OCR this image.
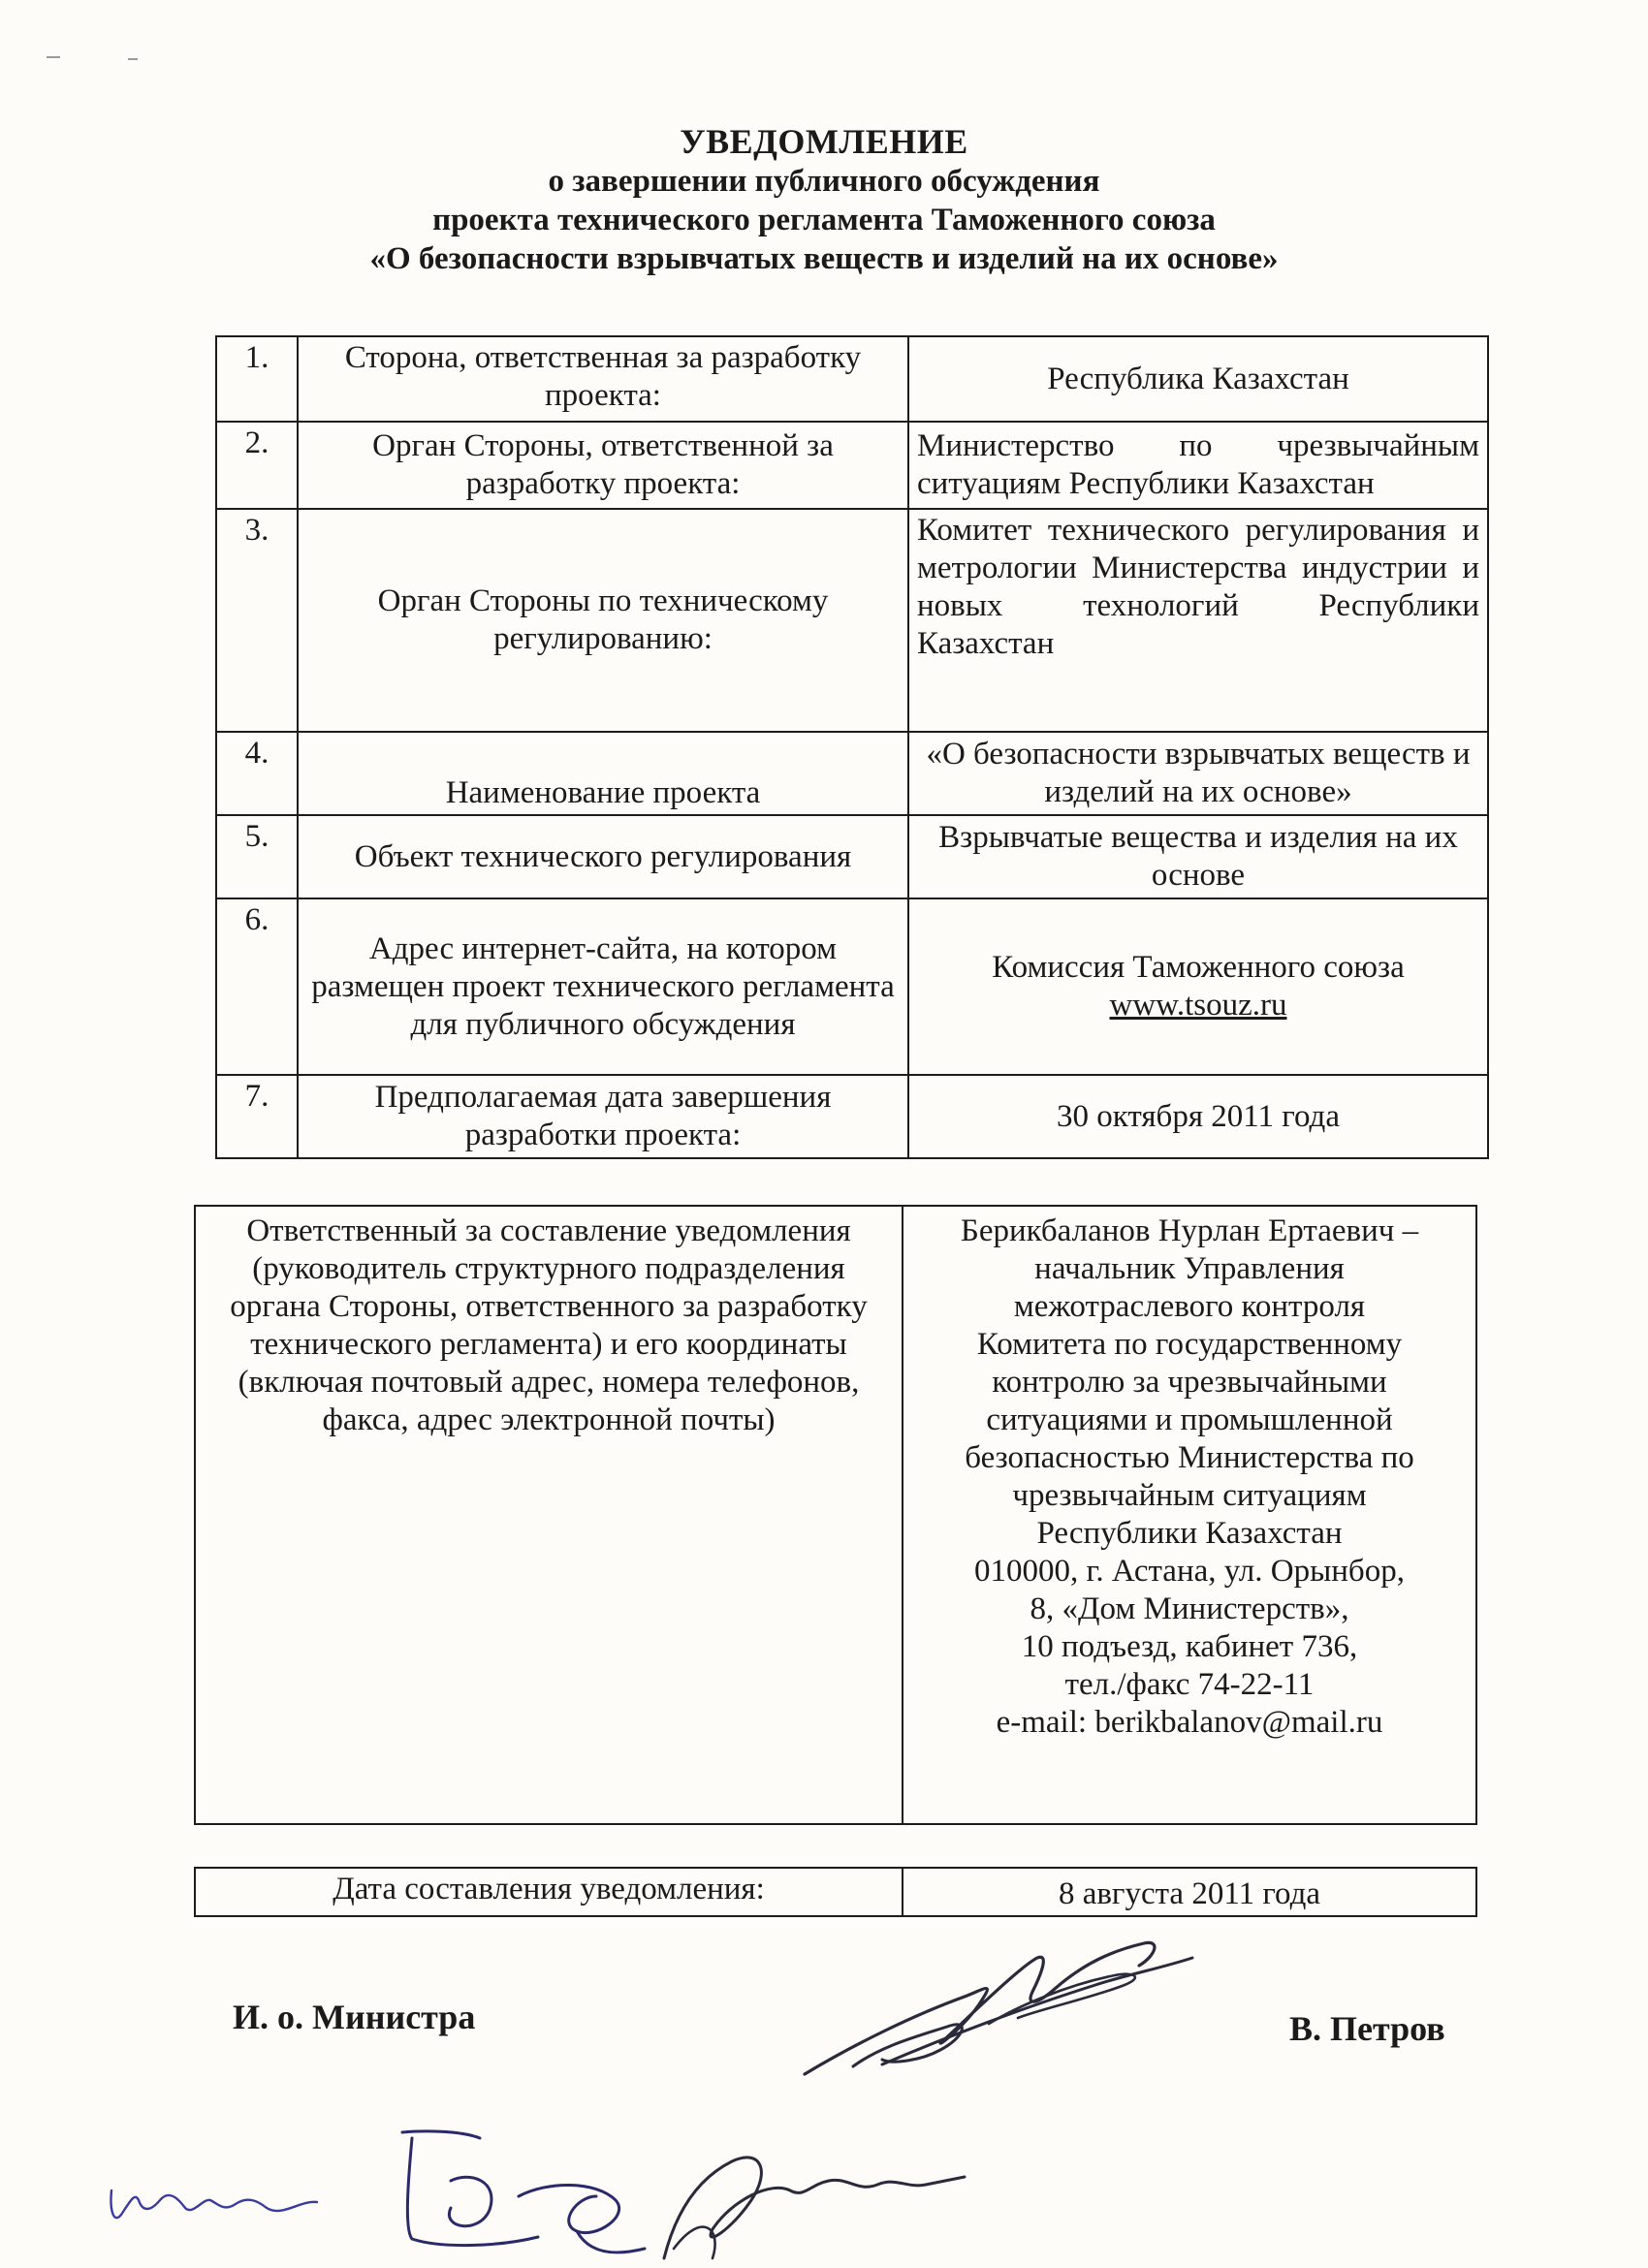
УВЕДОМЛЕНИЕ
о завершении публичного обсуждения
проекта технического регламента Таможенного союза
«О безопасности взрывчатых веществ и изделий на их основе»
1.	Сторона, ответственная за разработку проекта:	Республика Казахстан
2.	Орган Стороны, ответственной за разработку проекта:	Министерство по чрезвычайным
ситуациям Республики Казахстан

3.	Орган Стороны по техническому регулированию:	Комитет технического регулирования и метрологии Министерства индустрии и новых технологий Республики Казахстан
4.	Наименование проекта	«О безопасности взрывчатых веществ и изделий на их основе»
5.	Объект технического регулирования	Взрывчатые вещества и изделия на их основе
6.	Адрес интернет-сайта, на котором размещен проект технического регламента для публичного обсуждения	Комиссия Таможенного союза
www.tsouz.ru

7.	Предполагаемая дата завершения разработки проекта:	30 октября 2011 года
Ответственный за составление уведомления (руководитель структурного подразделения органа Стороны, ответственного за разработку технического регламента) и его координаты (включая почтовый адрес, номера телефонов, факса, адрес электронной почты)	
Берикбаланов Нурлан Ертаевич –
начальник Управления
межотраслевого контроля
Комитета по государственному
контролю за чрезвычайными
ситуациями и промышленной
безопасностью Министерства по
чрезвычайным ситуациям
Республики Казахстан
010000, г. Астана, ул. Орынбор,
8, «Дом Министерств»,
10 подъезд, кабинет 736,
тел./факс 74-22-11
e-mail: berikbalanov@mail.ru
Дата составления уведомления:	8 августа 2011 года
И. о. Министра	В. Петров
